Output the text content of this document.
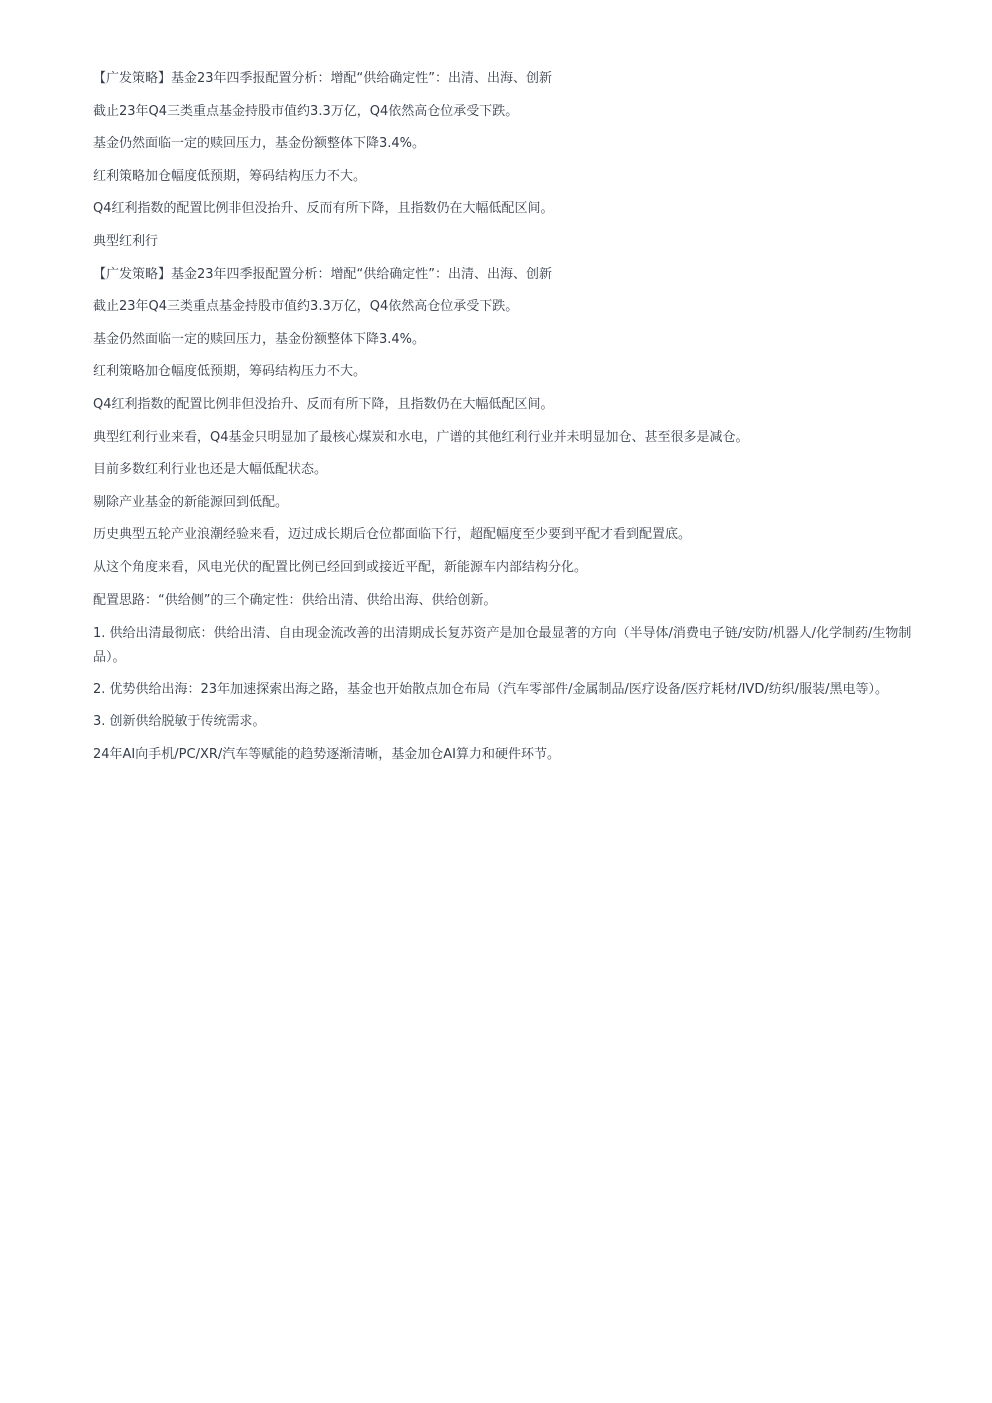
【广发策略】基金23年四季报配置分析：增配“供给确定性”：出清、出海、创新

截止23年Q4三类重点基金持股市值约3.3万亿，Q4依然高仓位承受下跌。

基金仍然面临一定的赎回压力，基金份额整体下降3.4%。

红利策略加仓幅度低预期，筹码结构压力不大。

Q4红利指数的配置比例非但没抬升、反而有所下降，且指数仍在大幅低配区间。

典型红利行

【广发策略】基金23年四季报配置分析：增配“供给确定性”：出清、出海、创新

截止23年Q4三类重点基金持股市值约3.3万亿，Q4依然高仓位承受下跌。

基金仍然面临一定的赎回压力，基金份额整体下降3.4%。

红利策略加仓幅度低预期，筹码结构压力不大。

Q4红利指数的配置比例非但没抬升、反而有所下降，且指数仍在大幅低配区间。

典型红利行业来看，Q4基金只明显加了最核心煤炭和水电，广谱的其他红利行业并未明显加仓、甚至很多是减仓。

目前多数红利行业也还是大幅低配状态。

剔除产业基金的新能源回到低配。

历史典型五轮产业浪潮经验来看，迈过成长期后仓位都面临下行，超配幅度至少要到平配才看到配置底。

从这个角度来看，风电光伏的配置比例已经回到或接近平配，新能源车内部结构分化。

配置思路：“供给侧”的三个确定性：供给出清、供给出海、供给创新。

1. 供给出清最彻底：供给出清、自由现金流改善的出清期成长复苏资产是加仓最显著的方向（半导体/消费电子链/安防/机器人/化学制药/生物制品）。

2. 优势供给出海：23年加速探索出海之路，基金也开始散点加仓布局（汽车零部件/金属制品/医疗设备/医疗耗材/IVD/纺织/服装/黑电等）。

3. 创新供给脱敏于传统需求。

24年AI向手机/PC/XR/汽车等赋能的趋势逐渐清晰，基金加仓AI算力和硬件环节。
